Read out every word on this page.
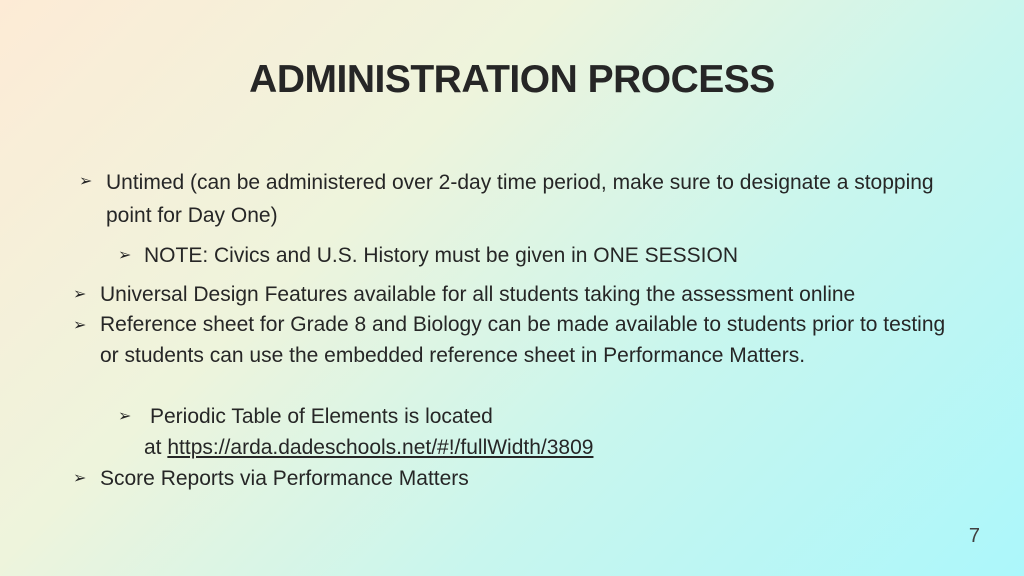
ADMINISTRATION PROCESS
➢ Untimed (can be administered over 2-day time period, make sure to designate a stopping point for Day One)
➢ NOTE: Civics and U.S. History must be given in ONE SESSION
➢ Universal Design Features available for all students taking the assessment online
➢ Reference sheet for Grade 8 and Biology can be made available to students prior to testing or students can use the embedded reference sheet in Performance Matters.
➢ Periodic Table of Elements is located
at https://arda.dadeschools.net/#!/fullWidth/3809
➢ Score Reports via Performance Matters
7
